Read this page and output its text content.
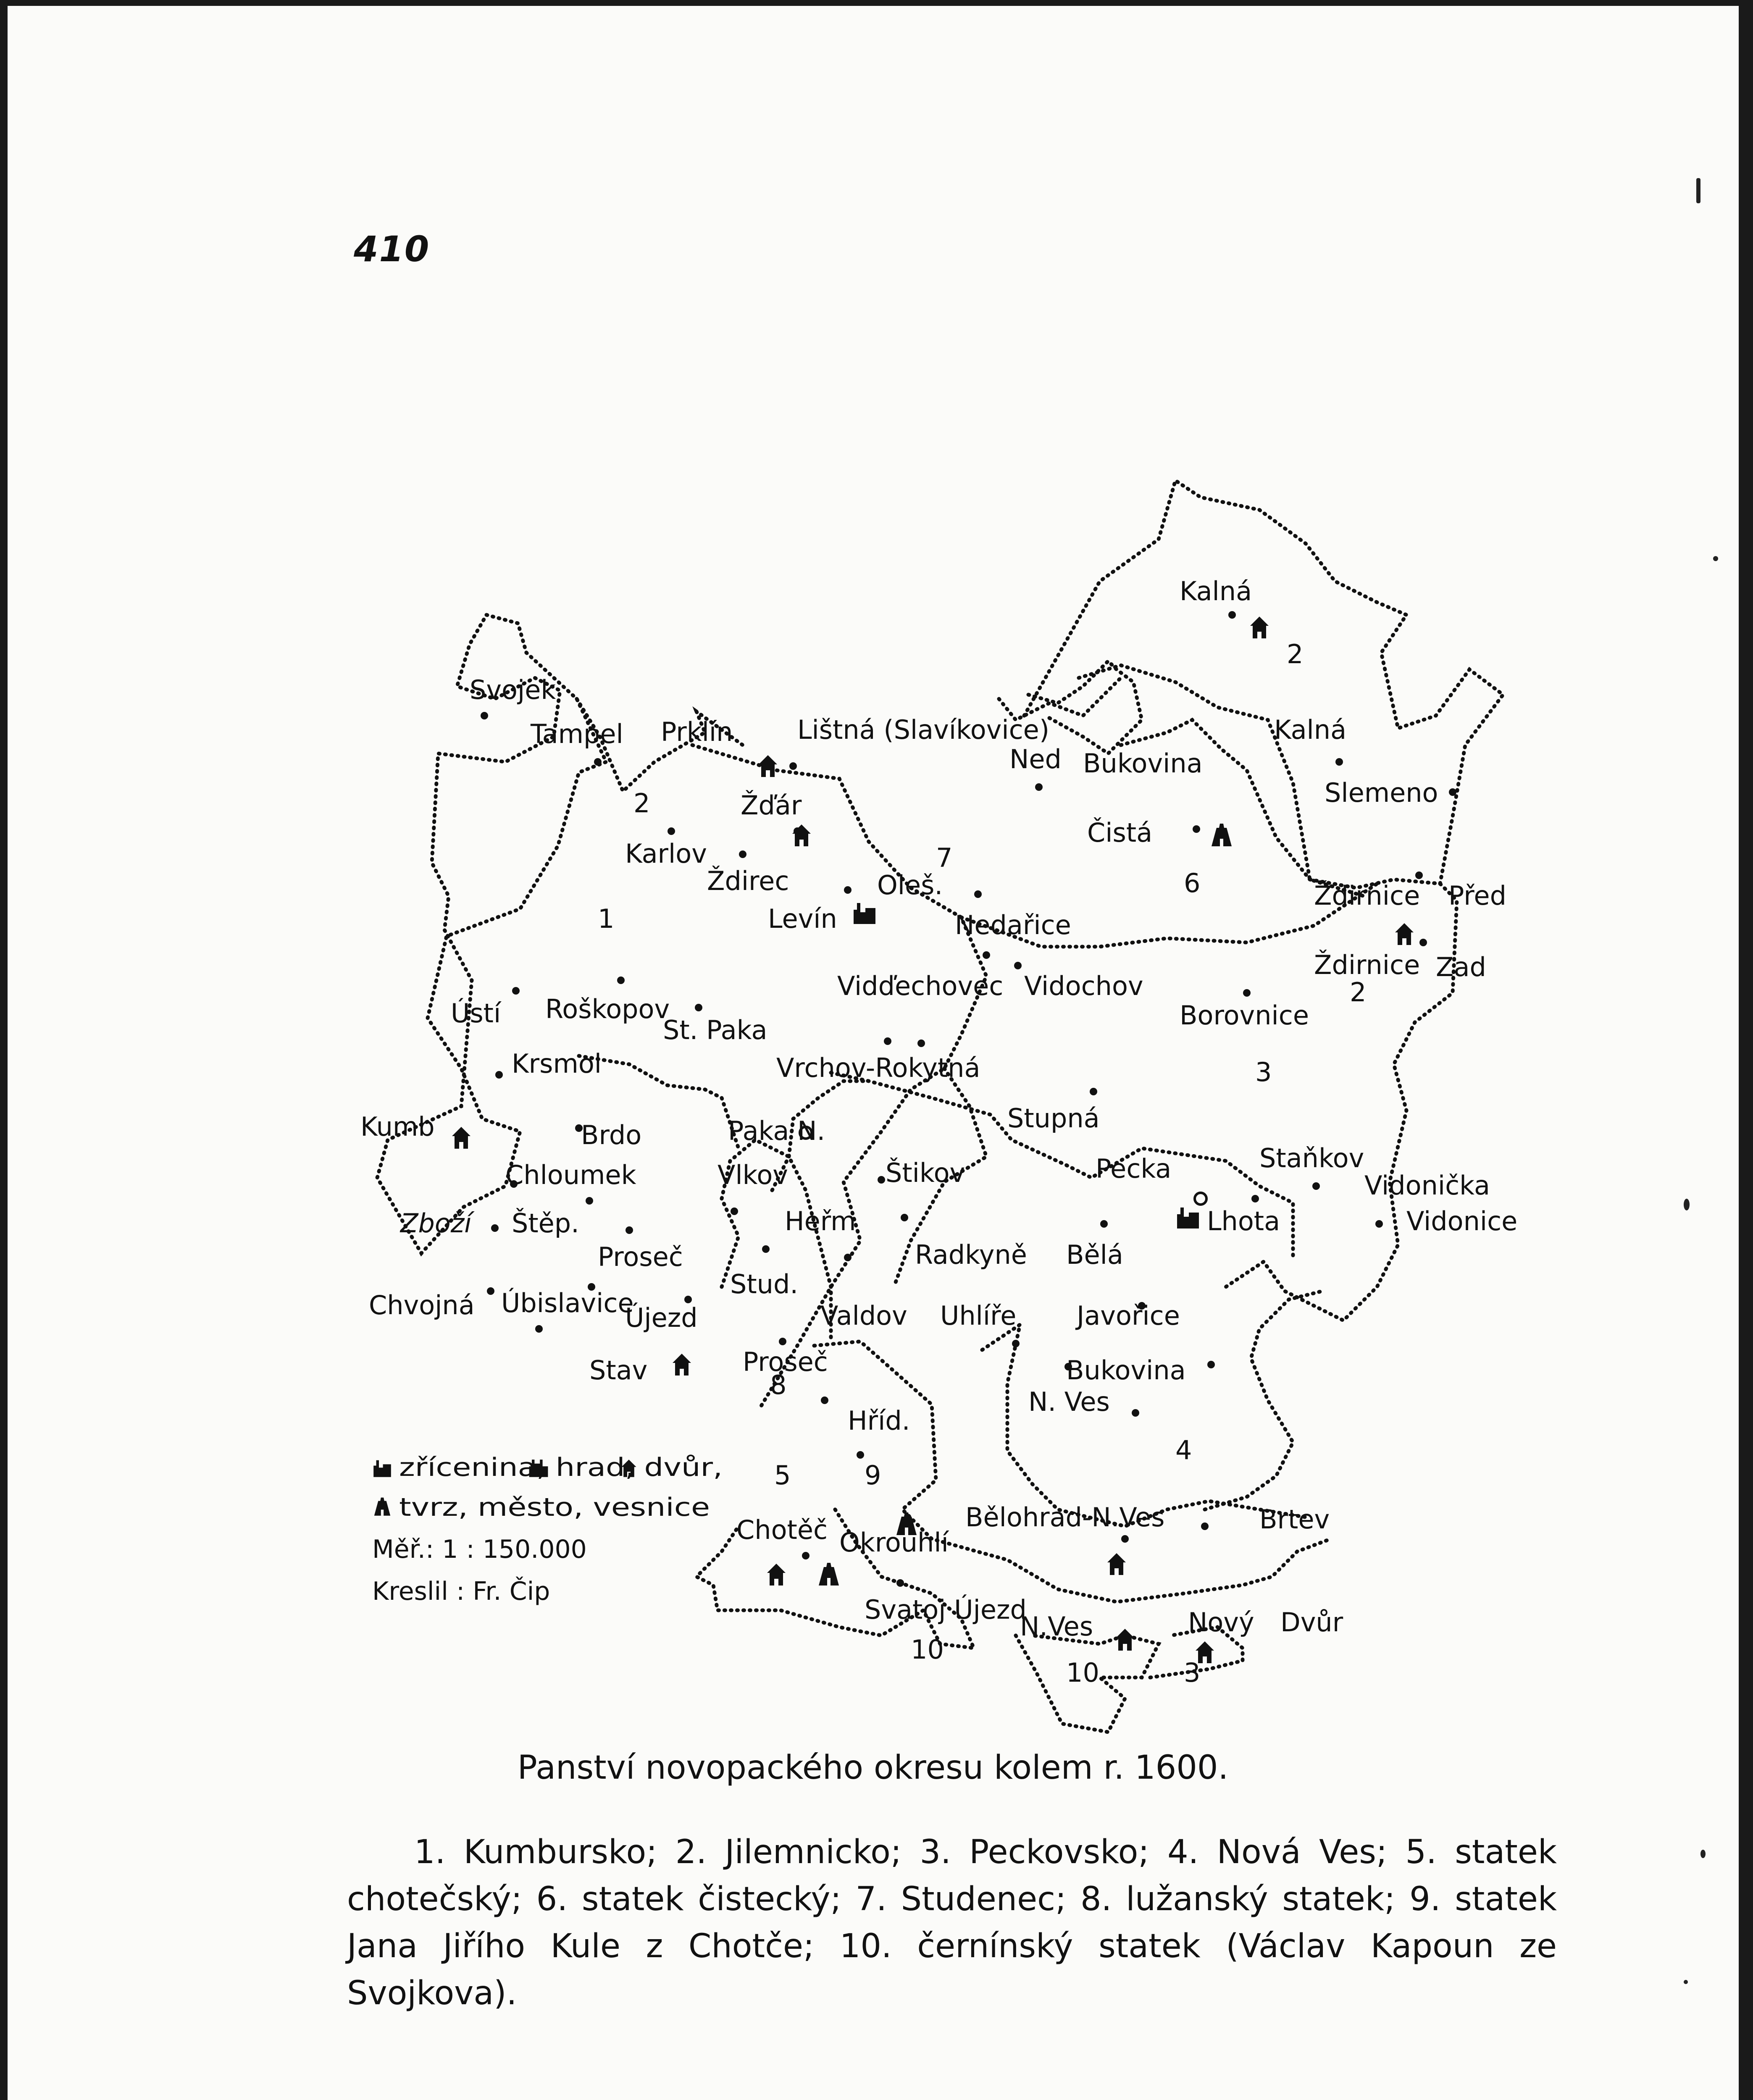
410
Svojek
Tampel Prklín Lištná (Slavíkovice)
Ned Bukovina
Kalná
Kalná
Slemeno
Čistá
Karlov
Žďár
Ždirec	Oleš.
Levín	Nedařice
Ždirnice Před
Ždirnice Zad
Ústí Roškopov
St. Paka
Vidďechovec Vidochov
Borovnice
Krsmol	Vrchov-Rokytná
Stupná
Kumb	Brdo	Paka N.
Chloumek	Vlkov	Štikov	Pecka	Staňkov
Vidonička
Lhota	Vidonice
Zboží Štěp.	Heřm
Proseč	Radkyně Bělá
Chvojná Úbislavice
Stud.
Újezd	Valdov Uhlíře Javořice
Stav	Proseč	Bukovina
N. Ves
Hříd.
Bělohrad-N.Ves	Brtev
Chotěč Okrouhlí
Svatoj Újezd
N.Ves	Nový Dvůr
1
2
2
2
3
3
4
5
6
7
8
9
10
10
zřícenina, hrad, dvůr,
tvrz, město, vesnice
Měř.: 1 : 150.000
Kreslil : Fr. Čip
Panství novopackého okresu kolem r. 1600.
1. Kumbursko; 2. Jilemnicko; 3. Peckovsko; 4. Nová Ves; 5. statek chotečský; 6. statek čistecký; 7. Studenec; 8. lužanský statek; 9. statek Jana Jiřího Kule z Chotče; 10. černínský statek (Václav Kapoun ze Svojkova).
